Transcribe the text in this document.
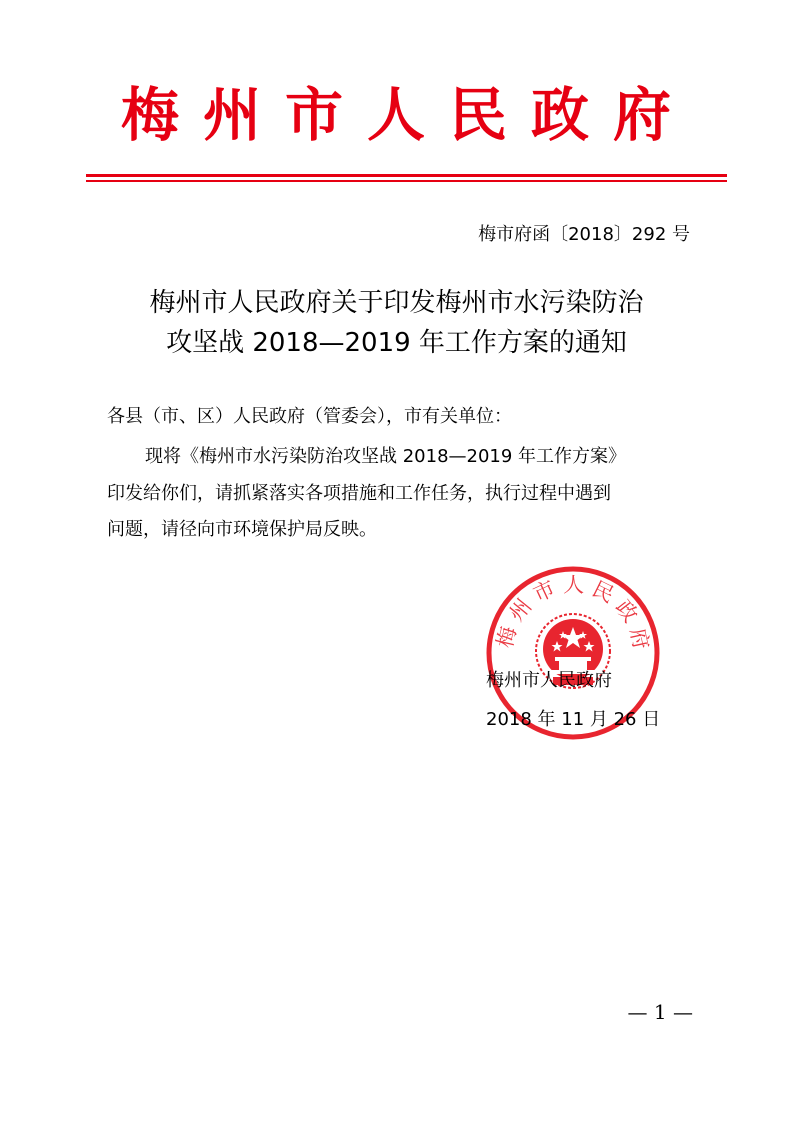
梅州市人民政府
梅市府函〔2018〕292 号
梅州市人民政府关于印发梅州市水污染防治
攻坚战 2018—2019 年工作方案的通知
各县（市、区）人民政府（管委会），市有关单位：
现将《梅州市水污染防治攻坚战 2018—2019 年工作方案》
印发给你们，请抓紧落实各项措施和工作任务，执行过程中遇到
问题，请径向市环境保护局反映。
梅州市人民政府
梅州市人民政府
2018 年 11 月 26 日
— 1 —
